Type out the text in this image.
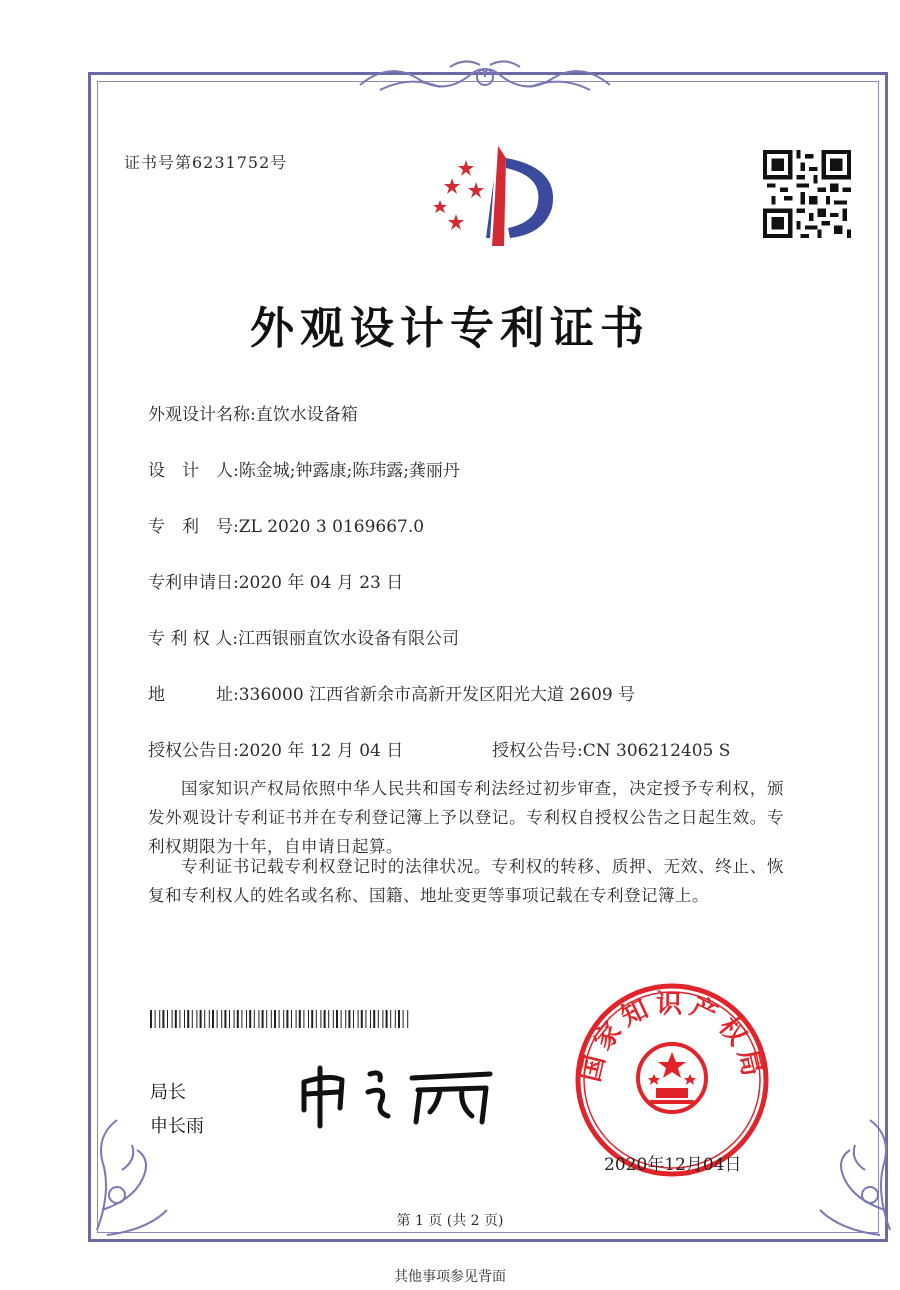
证书号第6231752号
外观设计专利证书
外观设计名称:直饮水设备箱
设　计　人:陈金城;钟露康;陈玮露;龚丽丹
专　利　号:ZL 2020 3 0169667.0
专利申请日:2020 年 04 月 23 日
专 利 权 人:江西银丽直饮水设备有限公司
地　　　址:336000 江西省新余市高新开发区阳光大道 2609 号
授权公告日:2020 年 12 月 04 日	授权公告号:CN 306212405 S
国家知识产权局依照中华人民共和国专利法经过初步审查，决定授予专利权，颁发外观设计专利证书并在专利登记簿上予以登记。专利权自授权公告之日起生效。专利权期限为十年，自申请日起算。
专利证书记载专利权登记时的法律状况。专利权的转移、质押、无效、终止、恢复和专利权人的姓名或名称、国籍、地址变更等事项记载在专利登记簿上。
局长
申长雨
国家知识产权局
2020年12月04日
第 1 页 (共 2 页)
其他事项参见背面
